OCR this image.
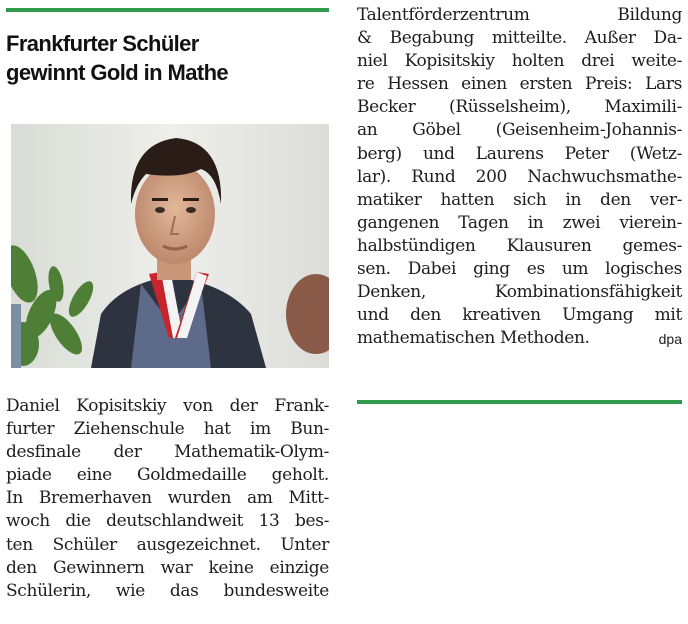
Frankfurter Schüler
gewinnt Gold in Mathe
Daniel Kopisitskiy von der Frank-
furter Ziehenschule hat im Bun-
desfinale der Mathematik-Olym-
piade eine Goldmedaille geholt.
In Bremerhaven wurden am Mitt-
woch die deutschlandweit 13 bes-
ten Schüler ausgezeichnet. Unter
den Gewinnern war keine einzige
Schülerin, wie das bundesweite
Talentförderzentrum Bildung
& Begabung mitteilte. Außer Da-
niel Kopisitskiy holten drei weite-
re Hessen einen ersten Preis: Lars
Becker (Rüsselsheim), Maximili-
an Göbel (Geisenheim-Johannis-
berg) und Laurens Peter (Wetz-
lar). Rund 200 Nachwuchsmathe-
matiker hatten sich in den ver-
gangenen Tagen in zwei vierein-
halbstündigen Klausuren gemes-
sen. Dabei ging es um logisches
Denken, Kombinationsfähigkeit
und den kreativen Umgang mit
mathematischen Methoden.	dpa
